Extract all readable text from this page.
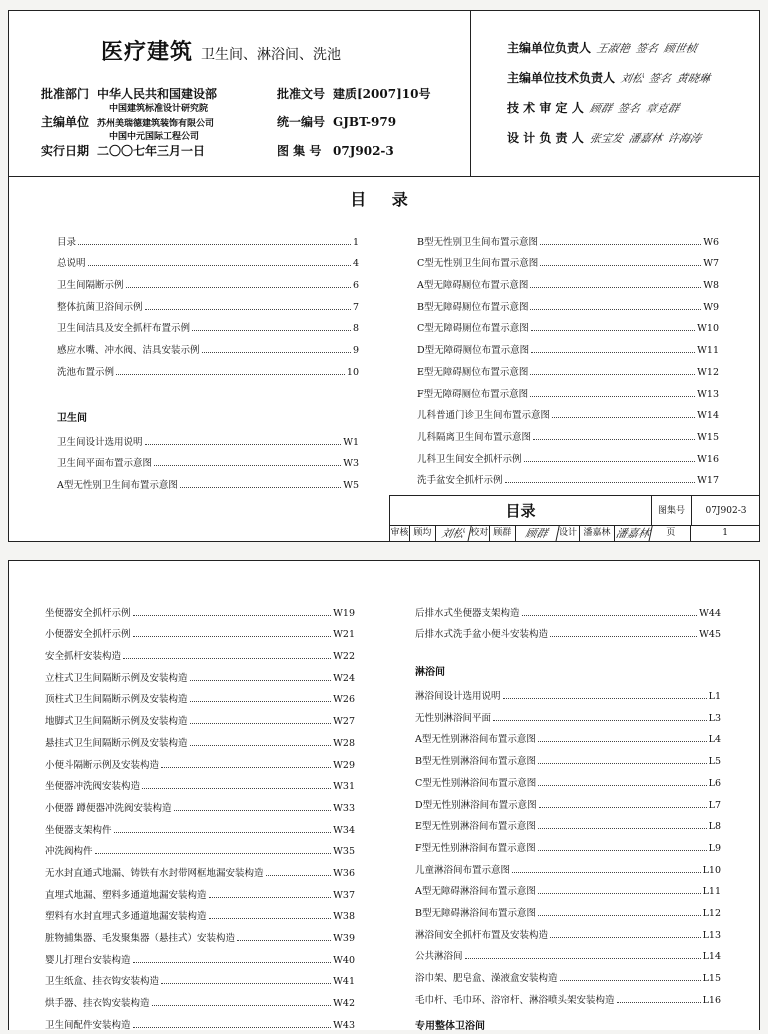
医疗建筑 卫生间、淋浴间、洗池
批准部门 中华人民共和国建设部
中国建筑标准设计研究院
主编单位 苏州美瑞德建筑装饰有限公司
中国中元国际工程公司
实行日期 二〇〇七年三月一日
批准文号 建质[2007]10号
统一编号 GJBT-979
图 集 号 07J902-3
主编单位负责人 王淑艳 签名 顾世桢
主编单位技术负责人 刘松 签名 黄晓琳
技 术 审 定 人 顾群 签名 章克群
设 计 负 责 人 张宝发 潘嘉林 许海涛
目 录
目录	1
总说明	4
卫生间隔断示例	6
整体抗菌卫浴间示例	7
卫生间洁具及安全抓杆布置示例	8
感应水嘴、冲水阀、洁具安装示例	9
洗池布置示例	10
卫生间
卫生间设计选用说明	W1
卫生间平面布置示意图	W3
A型无性别卫生间布置示意图	W5
B型无性别卫生间布置示意图	W6
C型无性别卫生间布置示意图	W7
A型无障碍厕位布置示意图	W8
B型无障碍厕位布置示意图	W9
C型无障碍厕位布置示意图	W10
D型无障碍厕位布置示意图	W11
E型无障碍厕位布置示意图	W12
F型无障碍厕位布置示意图	W13
儿科普通门诊卫生间布置示意图	W14
儿科隔离卫生间布置示意图	W15
儿科卫生间安全抓杆示例	W16
洗手盆安全抓杆示例	W17
目录	图集号	07J902-3
审核 顾均 刘松 校对 顾群	顾群	设计 潘嘉林 潘嘉林	页	1
坐便器安全抓杆示例	W19
小便器安全抓杆示例	W21
安全抓杆安装构造	W22
立柱式卫生间隔断示例及安装构造	W24
顶柱式卫生间隔断示例及安装构造	W26
地脚式卫生间隔断示例及安装构造	W27
悬挂式卫生间隔断示例及安装构造	W28
小便斗隔断示例及安装构造	W29
坐便器冲洗阀安装构造	W31
小便器 蹲便器冲洗阀安装构造	W33
坐便器支架构件	W34
冲洗阀构件	W35
无水封直通式地漏、铸铁有水封带网框地漏安装构造	W36
直埋式地漏、塑料多通道地漏安装构造	W37
塑料有水封直埋式多通道地漏安装构造	W38
脏物捕集器、毛发聚集器（悬挂式）安装构造	W39
婴儿打理台安装构造	W40
卫生纸盒、挂衣钩安装构造	W41
烘手器、挂衣钩安装构造	W42
卫生间配件安装构造	W43
后排水式坐便器支架构造	W44
后排水式洗手盆小便斗安装构造	W45
淋浴间
淋浴间设计选用说明	L1
无性别淋浴间平面	L3
A型无性别淋浴间布置示意图	L4
B型无性别淋浴间布置示意图	L5
C型无性别淋浴间布置示意图	L6
D型无性别淋浴间布置示意图	L7
E型无性别淋浴间布置示意图	L8
F型无性别淋浴间布置示意图	L9
儿童淋浴间布置示意图	L10
A型无障碍淋浴间布置示意图	L11
B型无障碍淋浴间布置示意图	L12
淋浴间安全抓杆布置及安装构造	L13
公共淋浴间	L14
浴巾架、肥皂盒、澡液盒安装构造	L15
毛巾杆、毛巾环、浴帘杆、淋浴喷头架安装构造	L16
专用整体卫浴间
